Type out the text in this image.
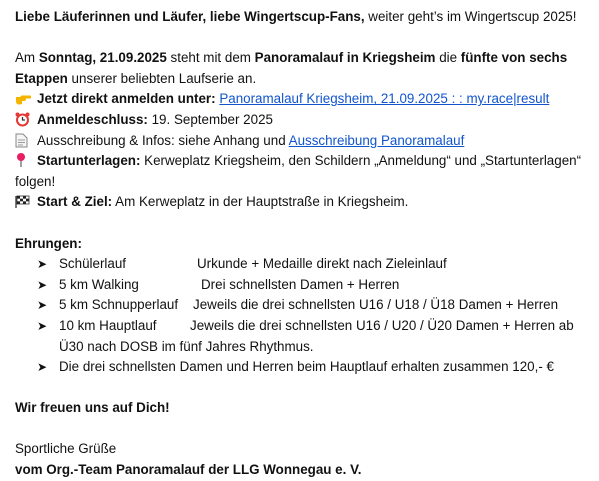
Liebe Läuferinnen und Läufer, liebe Wingertscup-Fans, weiter geht’s im Wingertscup 2025!
Am Sonntag, 21.09.2025 steht mit dem Panoramalauf in Kriegsheim die fünfte von sechs Etappen unserer beliebten Laufserie an.
Jetzt direkt anmelden unter: Panoramalauf Kriegsheim, 21.09.2025 : : my.race|result
Anmeldeschluss: 19. September 2025
Ausschreibung & Infos: siehe Anhang und Ausschreibung Panoramalauf
Startunterlagen: Kerweplatz Kriegsheim, den Schildern „Anmeldung“ und „Startunterlagen“ folgen!
Start & Ziel: Am Kerweplatz in der Hauptstraße in Kriegsheim.
Ehrungen:
➤ Schülerlauf	Urkunde + Medaille direkt nach Zieleinlauf
➤ 5 km Walking	Drei schnellsten Damen + Herren
➤ 5 km Schnupperlauf Jeweils die drei schnellsten U16 / U18 / Ü18 Damen + Herren
➤ 10 km Hauptlauf Jeweils die drei schnellsten U16 / U20 / Ü20 Damen + Herren ab Ü30 nach DOSB im fünf Jahres Rhythmus.
➤ Die drei schnellsten Damen und Herren beim Hauptlauf erhalten zusammen 120,- €
Wir freuen uns auf Dich!
Sportliche Grüße
vom Org.-Team Panoramalauf der LLG Wonnegau e. V.
